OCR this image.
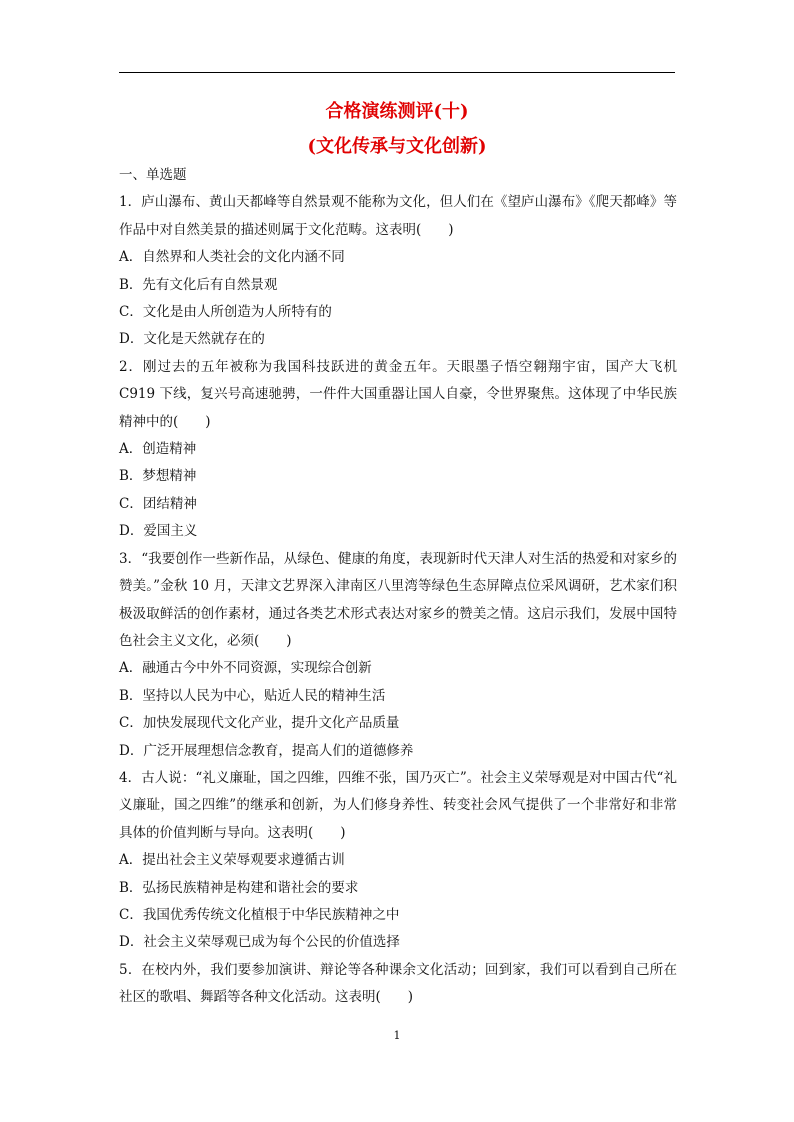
合格演练测评(十)
(文化传承与文化创新)

一、单选题

1．庐山瀑布、黄山天都峰等自然景观不能称为文化，但人们在《望庐山瀑布》《爬天都峰》等作品中对自然美景的描述则属于文化范畴。这表明(　　)

A．自然界和人类社会的文化内涵不同

B．先有文化后有自然景观

C．文化是由人所创造为人所特有的

D．文化是天然就存在的

2．刚过去的五年被称为我国科技跃进的黄金五年。天眼墨子悟空翱翔宇宙，国产大飞机 C919 下线，复兴号高速驰骋，一件件大国重器让国人自豪，令世界聚焦。这体现了中华民族精神中的(　　)

A．创造精神

B．梦想精神

C．团结精神

D．爱国主义

3．“我要创作一些新作品，从绿色、健康的角度，表现新时代天津人对生活的热爱和对家乡的赞美。”金秋 10 月，天津文艺界深入津南区八里湾等绿色生态屏障点位采风调研，艺术家们积极汲取鲜活的创作素材，通过各类艺术形式表达对家乡的赞美之情。这启示我们，发展中国特色社会主义文化，必须(　　)

A．融通古今中外不同资源，实现综合创新

B．坚持以人民为中心，贴近人民的精神生活

C．加快发展现代文化产业，提升文化产品质量

D．广泛开展理想信念教育，提高人们的道德修养

4．古人说：“礼义廉耻，国之四维，四维不张，国乃灭亡”。社会主义荣辱观是对中国古代“礼义廉耻，国之四维”的继承和创新，为人们修身养性、转变社会风气提供了一个非常好和非常具体的价值判断与导向。这表明(　　)

A．提出社会主义荣辱观要求遵循古训

B．弘扬民族精神是构建和谐社会的要求

C．我国优秀传统文化植根于中华民族精神之中

D．社会主义荣辱观已成为每个公民的价值选择

5．在校内外，我们要参加演讲、辩论等各种课余文化活动；回到家，我们可以看到自己所在社区的歌唱、舞蹈等各种文化活动。这表明(　　)

1
